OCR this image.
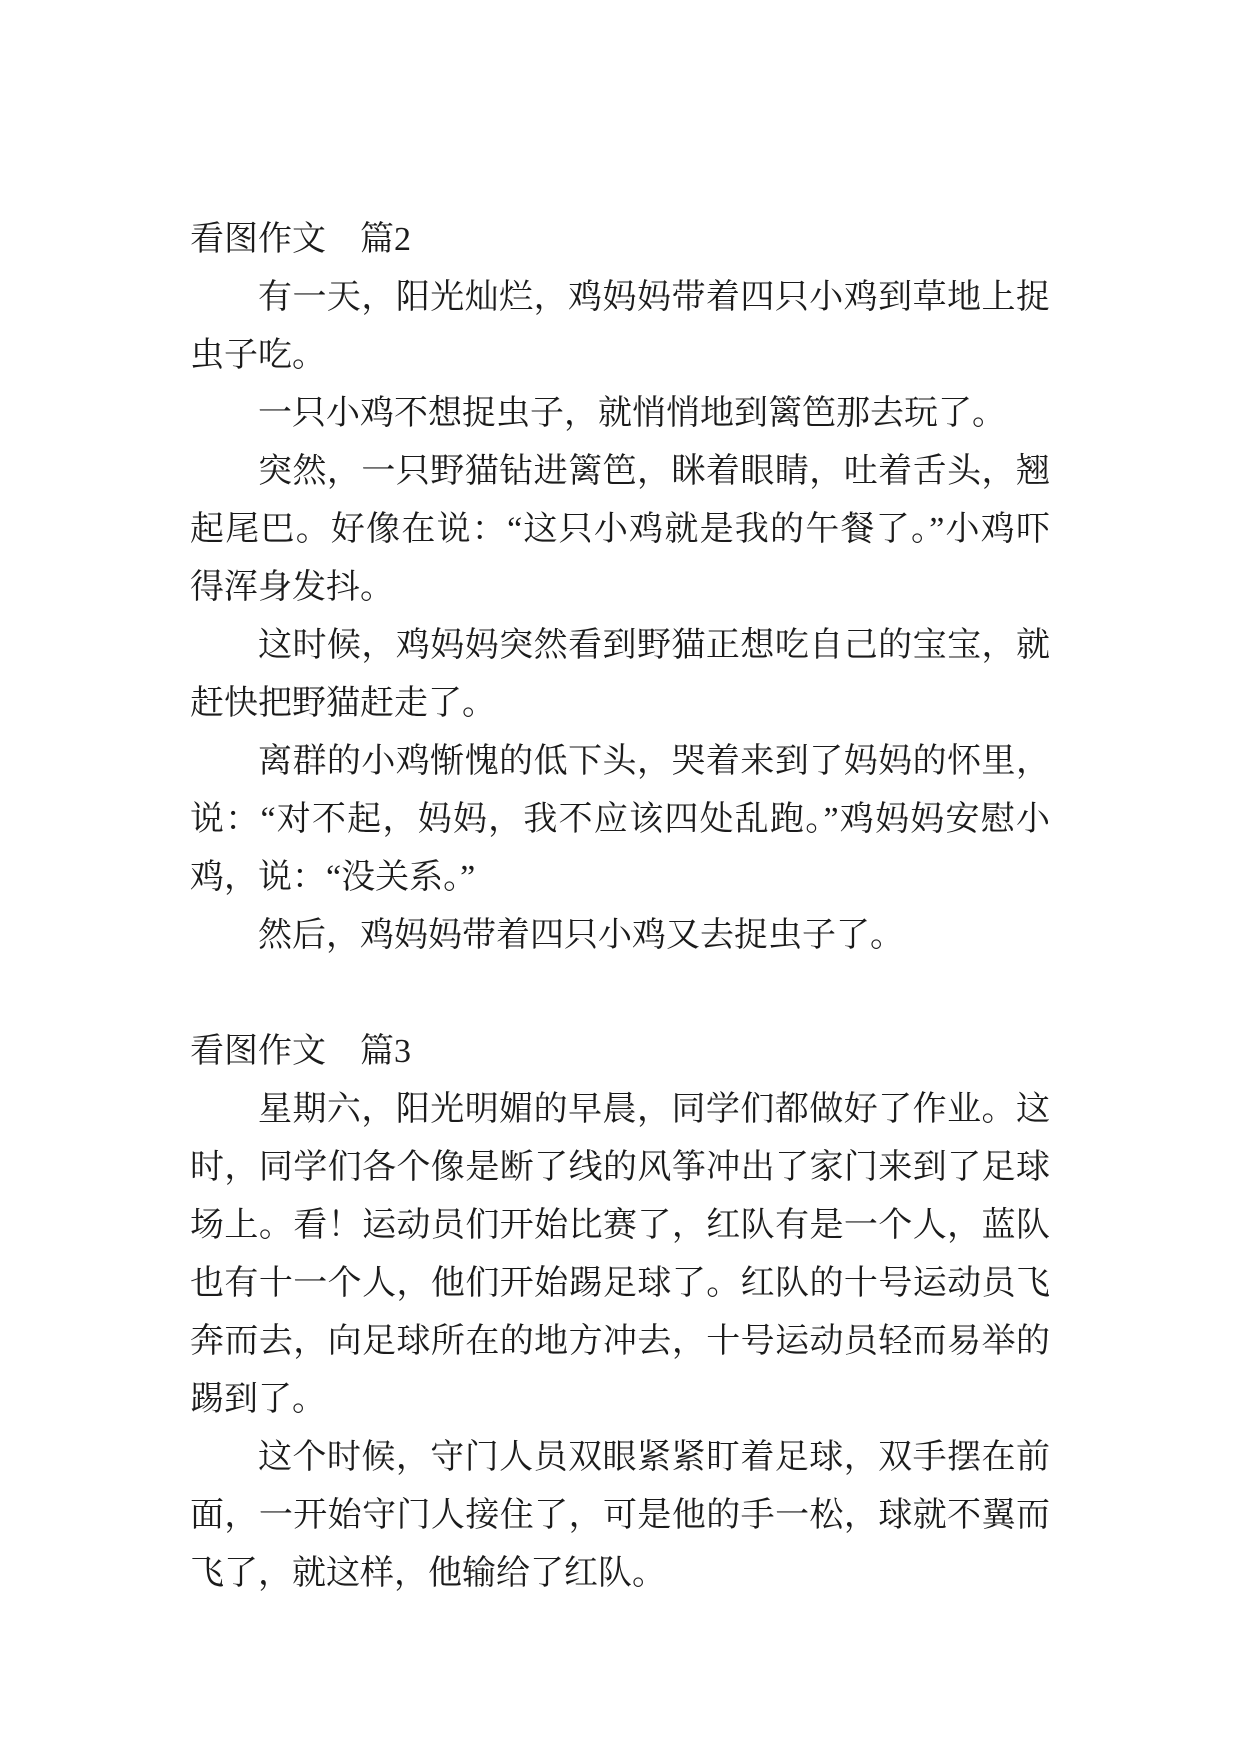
看图作文　篇2

有一天，阳光灿烂，鸡妈妈带着四只小鸡到草地上捉虫子吃。

一只小鸡不想捉虫子，就悄悄地到篱笆那去玩了。

突然，一只野猫钻进篱笆，眯着眼睛，吐着舌头，翘起尾巴。好像在说：“这只小鸡就是我的午餐了。”小鸡吓得浑身发抖。

这时候，鸡妈妈突然看到野猫正想吃自己的宝宝，就赶快把野猫赶走了。

离群的小鸡惭愧的低下头，哭着来到了妈妈的怀里，说：“对不起，妈妈，我不应该四处乱跑。”鸡妈妈安慰小鸡，说：“没关系。”

然后，鸡妈妈带着四只小鸡又去捉虫子了。

看图作文　篇3

星期六，阳光明媚的早晨，同学们都做好了作业。这时，同学们各个像是断了线的风筝冲出了家门来到了足球场上。看！运动员们开始比赛了，红队有是一个人，蓝队也有十一个人，他们开始踢足球了。红队的十号运动员飞奔而去，向足球所在的地方冲去，十号运动员轻而易举的踢到了。

这个时候，守门人员双眼紧紧盯着足球，双手摆在前面，一开始守门人接住了，可是他的手一松，球就不翼而飞了，就这样，他输给了红队。
